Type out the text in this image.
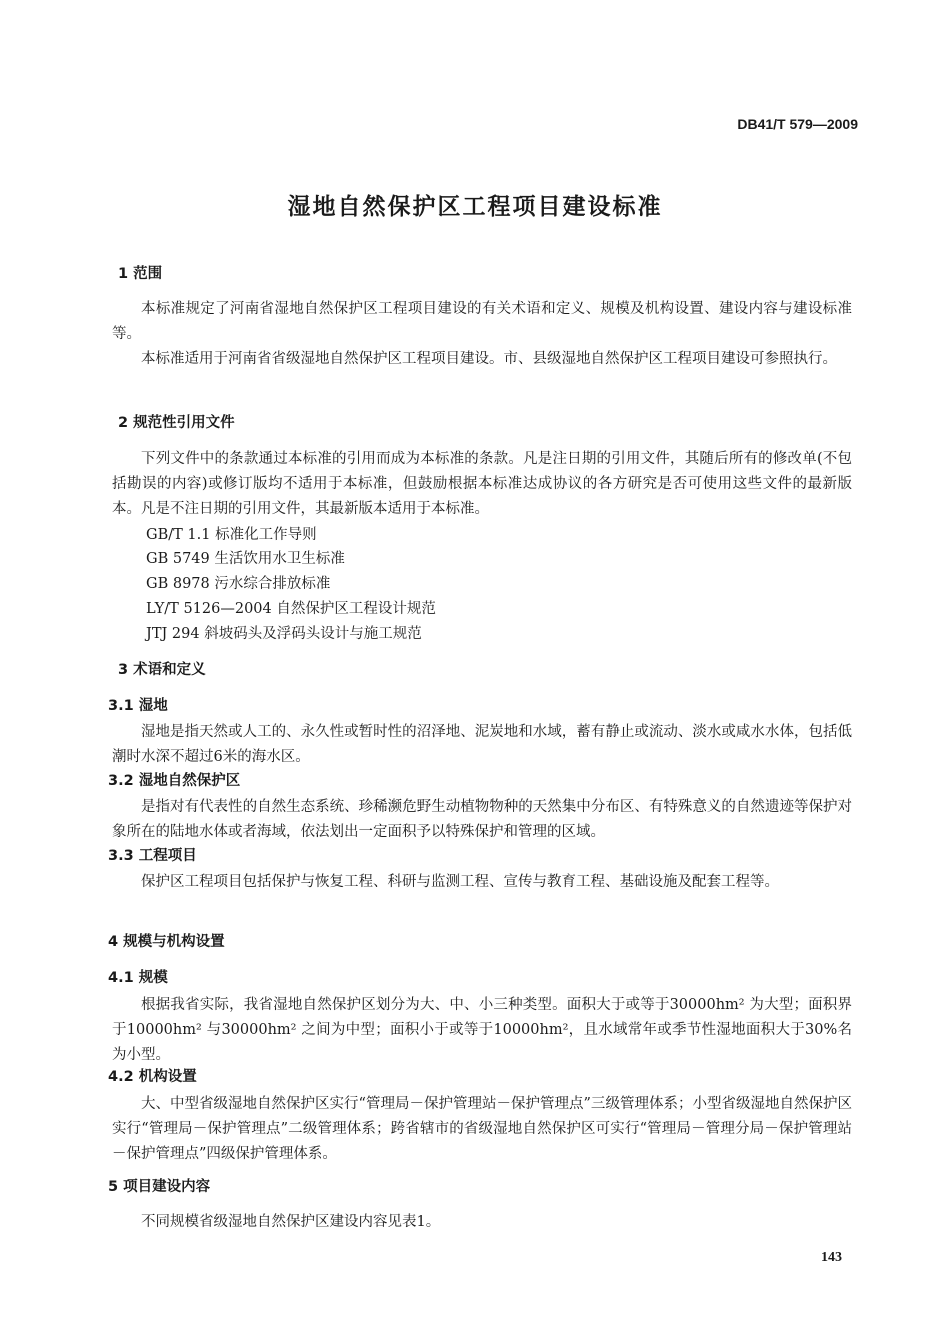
DB41/T 579—2009
湿地自然保护区工程项目建设标准
1 范围
本标准规定了河南省湿地自然保护区工程项目建设的有关术语和定义、规模及机构设置、建设内容与建设标准等。
本标准适用于河南省省级湿地自然保护区工程项目建设。市、县级湿地自然保护区工程项目建设可参照执行。
2 规范性引用文件
下列文件中的条款通过本标准的引用而成为本标准的条款。凡是注日期的引用文件，其随后所有的修改单(不包括勘误的内容)或修订版均不适用于本标准，但鼓励根据本标准达成协议的各方研究是否可使用这些文件的最新版本。凡是不注日期的引用文件，其最新版本适用于本标准。
GB/T 1.1 标准化工作导则
GB 5749 生活饮用水卫生标准
GB 8978 污水综合排放标准
LY/T 5126—2004 自然保护区工程设计规范
JTJ 294 斜坡码头及浮码头设计与施工规范
3 术语和定义
3.1 湿地
湿地是指天然或人工的、永久性或暂时性的沼泽地、泥炭地和水域，蓄有静止或流动、淡水或咸水水体，包括低潮时水深不超过6米的海水区。
3.2 湿地自然保护区
是指对有代表性的自然生态系统、珍稀濒危野生动植物物种的天然集中分布区、有特殊意义的自然遗迹等保护对象所在的陆地水体或者海域，依法划出一定面积予以特殊保护和管理的区域。
3.3 工程项目
保护区工程项目包括保护与恢复工程、科研与监测工程、宣传与教育工程、基础设施及配套工程等。
4 规模与机构设置
4.1 规模
根据我省实际，我省湿地自然保护区划分为大、中、小三种类型。面积大于或等于30000hm² 为大型；面积界于10000hm² 与30000hm² 之间为中型；面积小于或等于10000hm²，且水域常年或季节性湿地面积大于30%名为小型。
4.2 机构设置
大、中型省级湿地自然保护区实行“管理局－保护管理站－保护管理点”三级管理体系；小型省级湿地自然保护区实行“管理局－保护管理点”二级管理体系；跨省辖市的省级湿地自然保护区可实行“管理局－管理分局－保护管理站－保护管理点”四级保护管理体系。
5 项目建设内容
不同规模省级湿地自然保护区建设内容见表1。
143
